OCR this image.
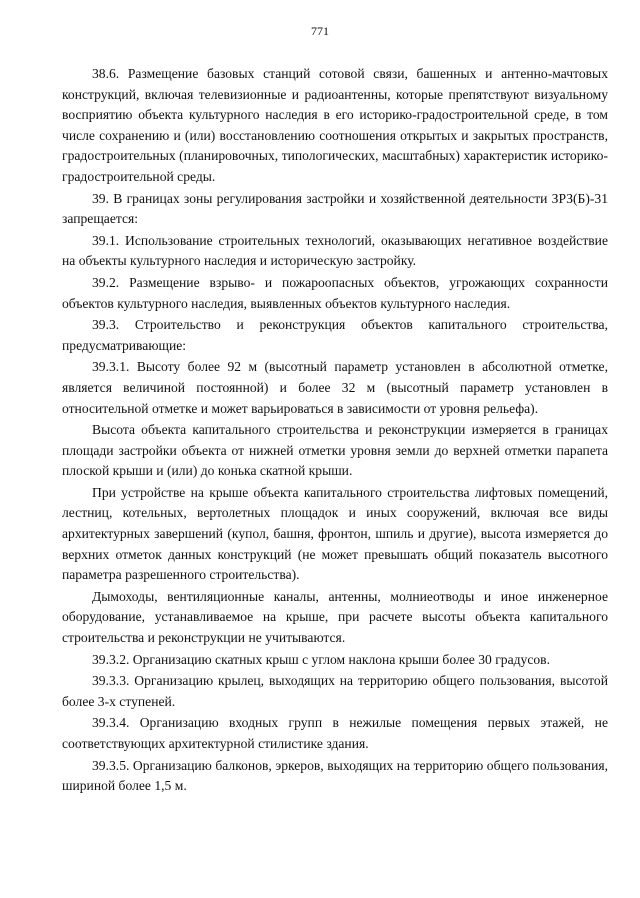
771

38.6. Размещение базовых станций сотовой связи, башенных и антенно-мачтовых конструкций, включая телевизионные и радиоантенны, которые препятствуют визуальному восприятию объекта культурного наследия в его историко-градостроительной среде, в том числе сохранению и (или) восстановлению соотношения открытых и закрытых пространств, градостроительных (планировочных, типологических, масштабных) характеристик историко-градостроительной среды.

39. В границах зоны регулирования застройки и хозяйственной деятельности ЗРЗ(Б)-31 запрещается:

39.1. Использование строительных технологий, оказывающих негативное воздействие на объекты культурного наследия и историческую застройку.

39.2. Размещение взрыво- и пожароопасных объектов, угрожающих сохранности объектов культурного наследия, выявленных объектов культурного наследия.

39.3. Строительство и реконструкция объектов капитального строительства, предусматривающие:

39.3.1. Высоту более 92 м (высотный параметр установлен в абсолютной отметке, является величиной постоянной) и более 32 м (высотный параметр установлен в относительной отметке и может варьироваться в зависимости от уровня рельефа).

Высота объекта капитального строительства и реконструкции измеряется в границах площади застройки объекта от нижней отметки уровня земли до верхней отметки парапета плоской крыши и (или) до конька скатной крыши.

При устройстве на крыше объекта капитального строительства лифтовых помещений, лестниц, котельных, вертолетных площадок и иных сооружений, включая все виды архитектурных завершений (купол, башня, фронтон, шпиль и другие), высота измеряется до верхних отметок данных конструкций (не может превышать общий показатель высотного параметра разрешенного строительства).

Дымоходы, вентиляционные каналы, антенны, молниеотводы и иное инженерное оборудование, устанавливаемое на крыше, при расчете высоты объекта капитального строительства и реконструкции не учитываются.

39.3.2. Организацию скатных крыш с углом наклона крыши более 30 градусов.

39.3.3. Организацию крылец, выходящих на территорию общего пользования, высотой более 3-х ступеней.

39.3.4. Организацию входных групп в нежилые помещения первых этажей, не соответствующих архитектурной стилистике здания.

39.3.5. Организацию балконов, эркеров, выходящих на территорию общего пользования, шириной более 1,5 м.
